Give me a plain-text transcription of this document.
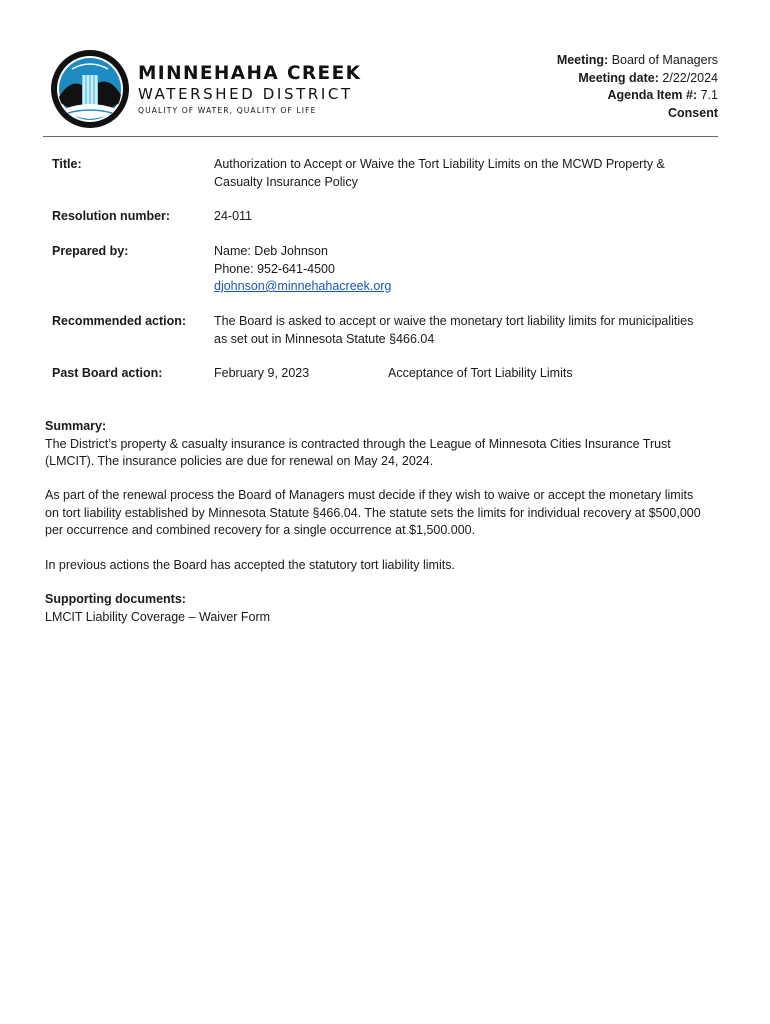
MINNEHAHA CREEK
WATERSHED DISTRICT
QUALITY OF WATER, QUALITY OF LIFE
Meeting: Board of Managers
Meeting date: 2/22/2024
Agenda Item #: 7.1
Consent
Title:	Authorization to Accept or Waive the Tort Liability Limits on the MCWD Property &
Casualty Insurance Policy
Resolution number:	24-011
Prepared by:	Name: Deb Johnson
Phone: 952-641-4500
djohnson@minnehahacreek.org
Recommended action: The Board is asked to accept or waive the monetary tort liability limits for municipalities
as set out in Minnesota Statute §466.04
Past Board action:	February 9, 2023	Acceptance of Tort Liability Limits
Summary:

The District’s property & casualty insurance is contracted through the League of Minnesota Cities Insurance Trust
(LMCIT). The insurance policies are due for renewal on May 24, 2024.

As part of the renewal process the Board of Managers must decide if they wish to waive or accept the monetary limits
on tort liability established by Minnesota Statute §466.04. The statute sets the limits for individual recovery at $500,000
per occurrence and combined recovery for a single occurrence at $1,500.000.

In previous actions the Board has accepted the statutory tort liability limits.

Supporting documents:
LMCIT Liability Coverage – Waiver Form
